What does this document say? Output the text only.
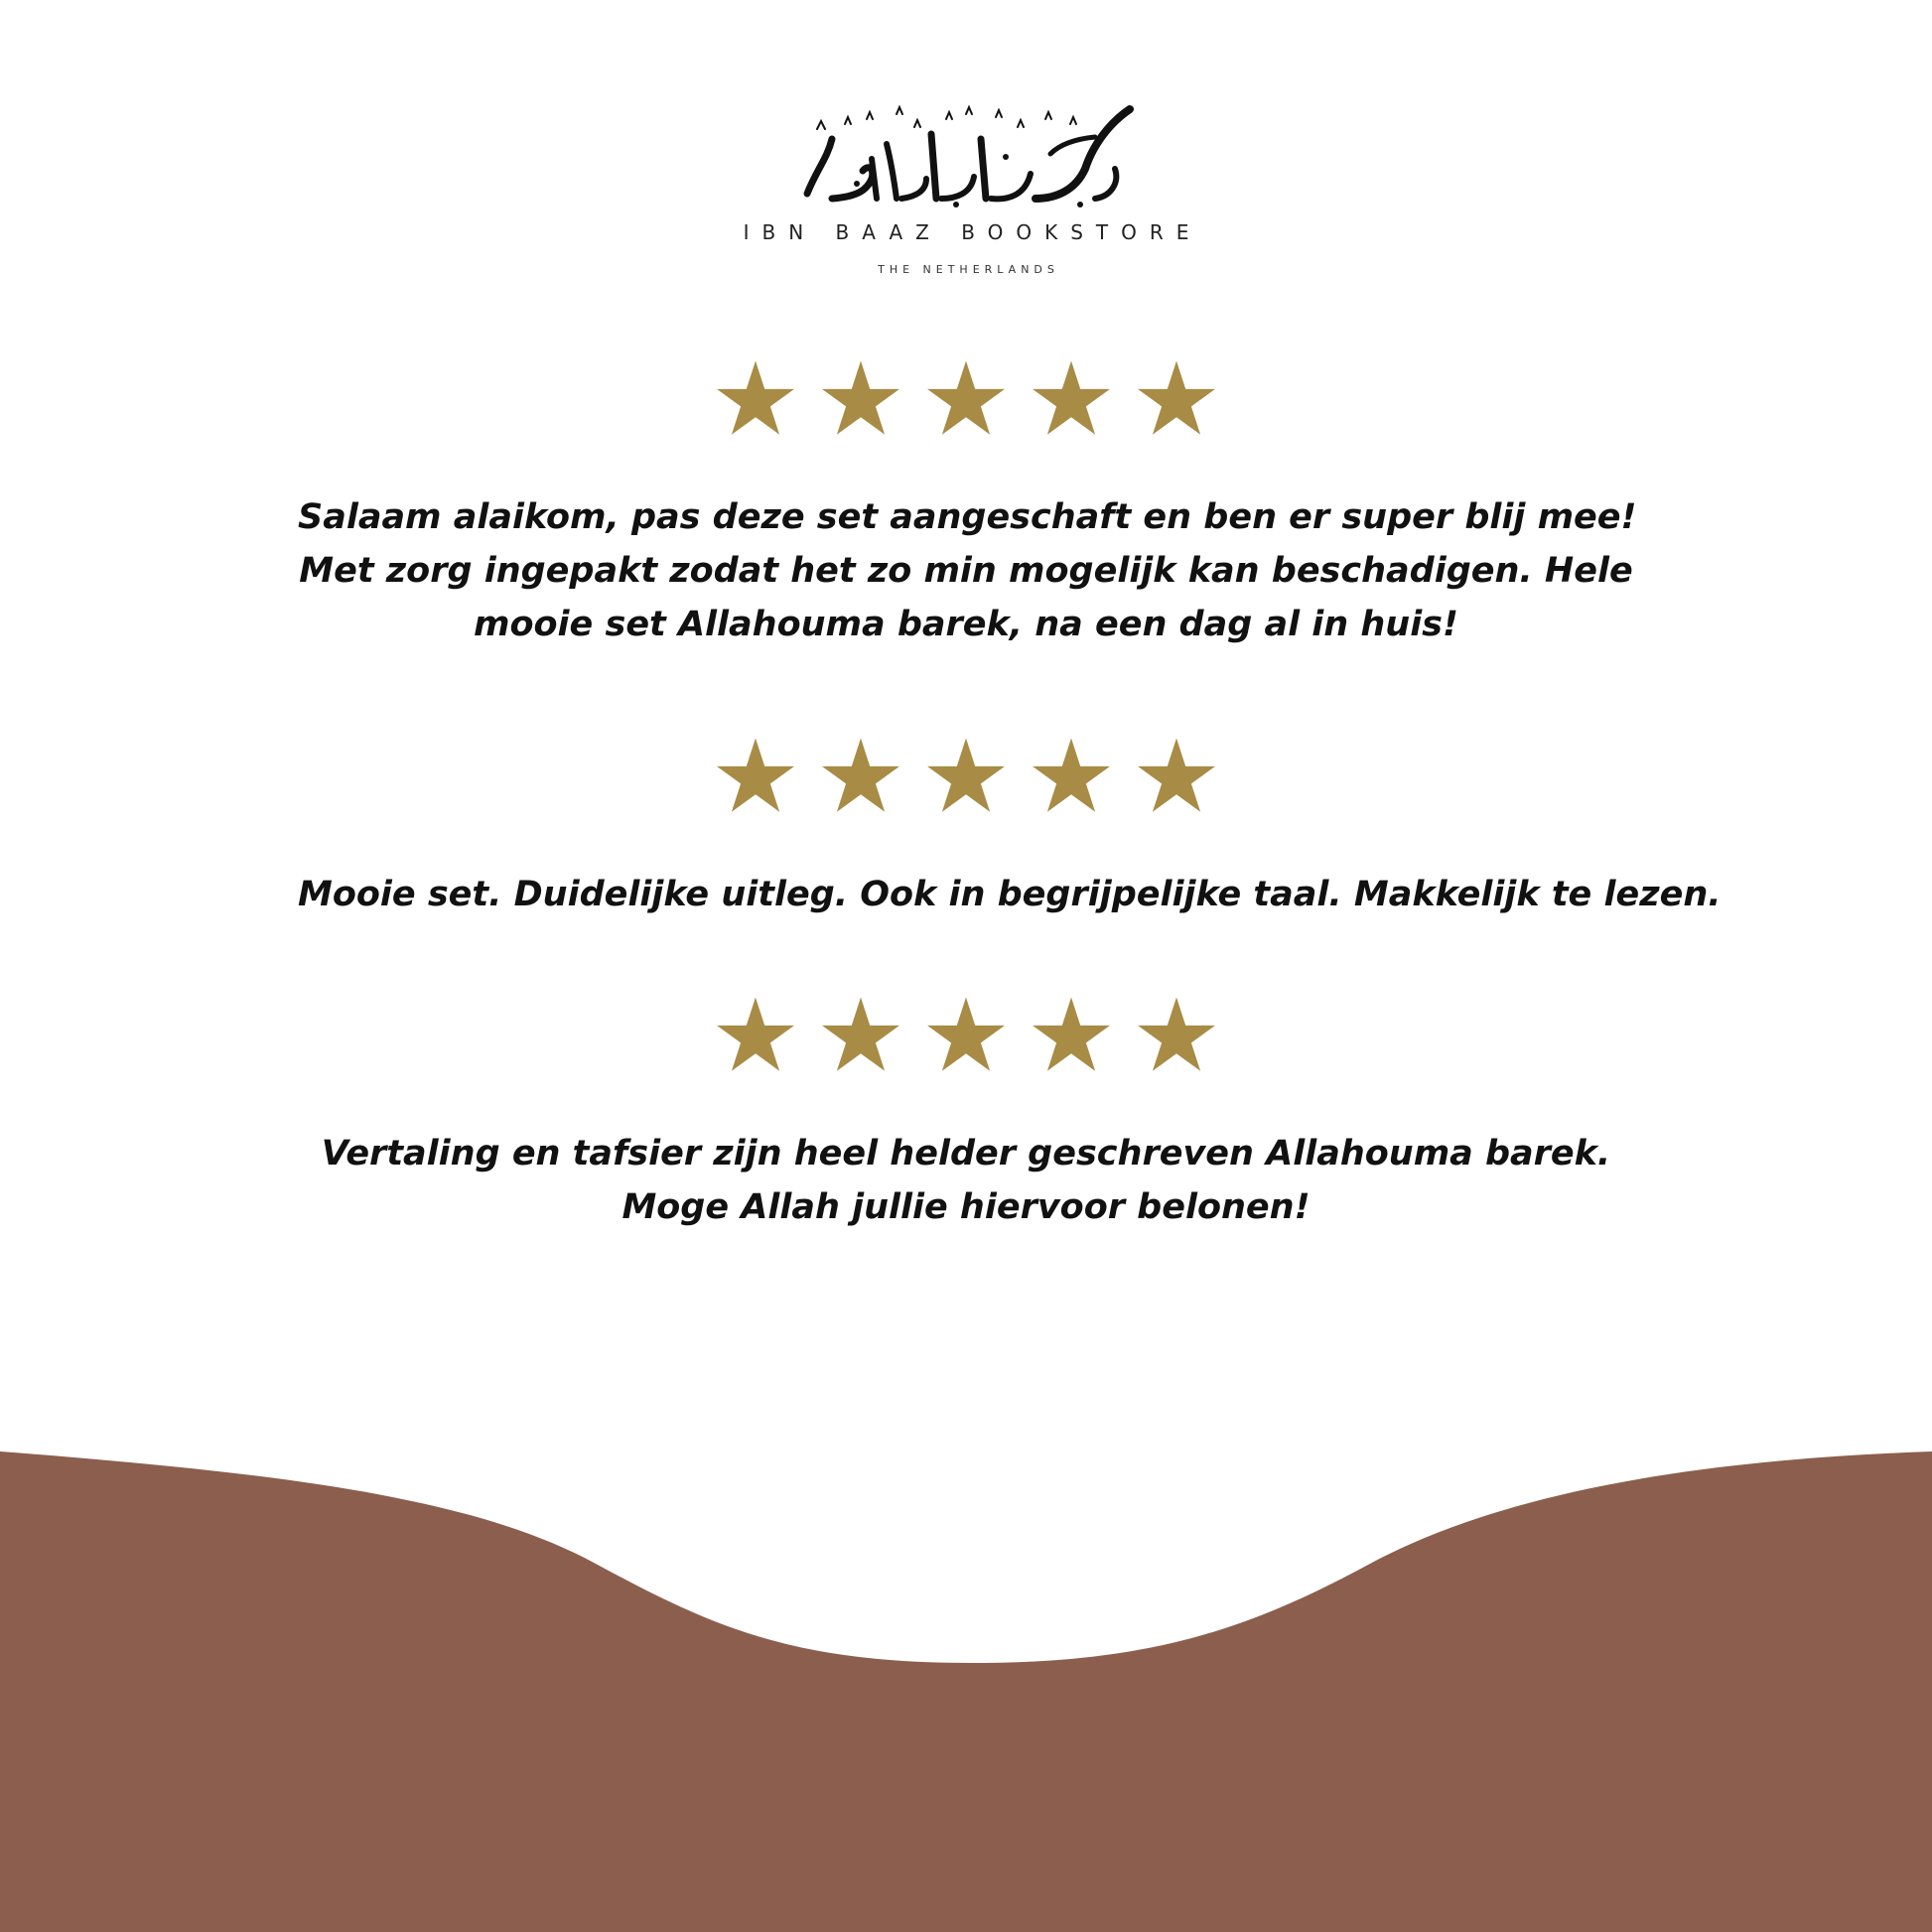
IBN BAAZ BOOKSTORE
THE NETHERLANDS

Salaam alaikom, pas deze set aangeschaft en ben er super blij mee!
Met zorg ingepakt zodat het zo min mogelijk kan beschadigen. Hele
mooie set Allahouma barek, na een dag al in huis!

Mooie set. Duidelijke uitleg. Ook in begrijpelijke taal. Makkelijk te lezen.

Vertaling en tafsier zijn heel helder geschreven Allahouma barek.
Moge Allah jullie hiervoor belonen!
